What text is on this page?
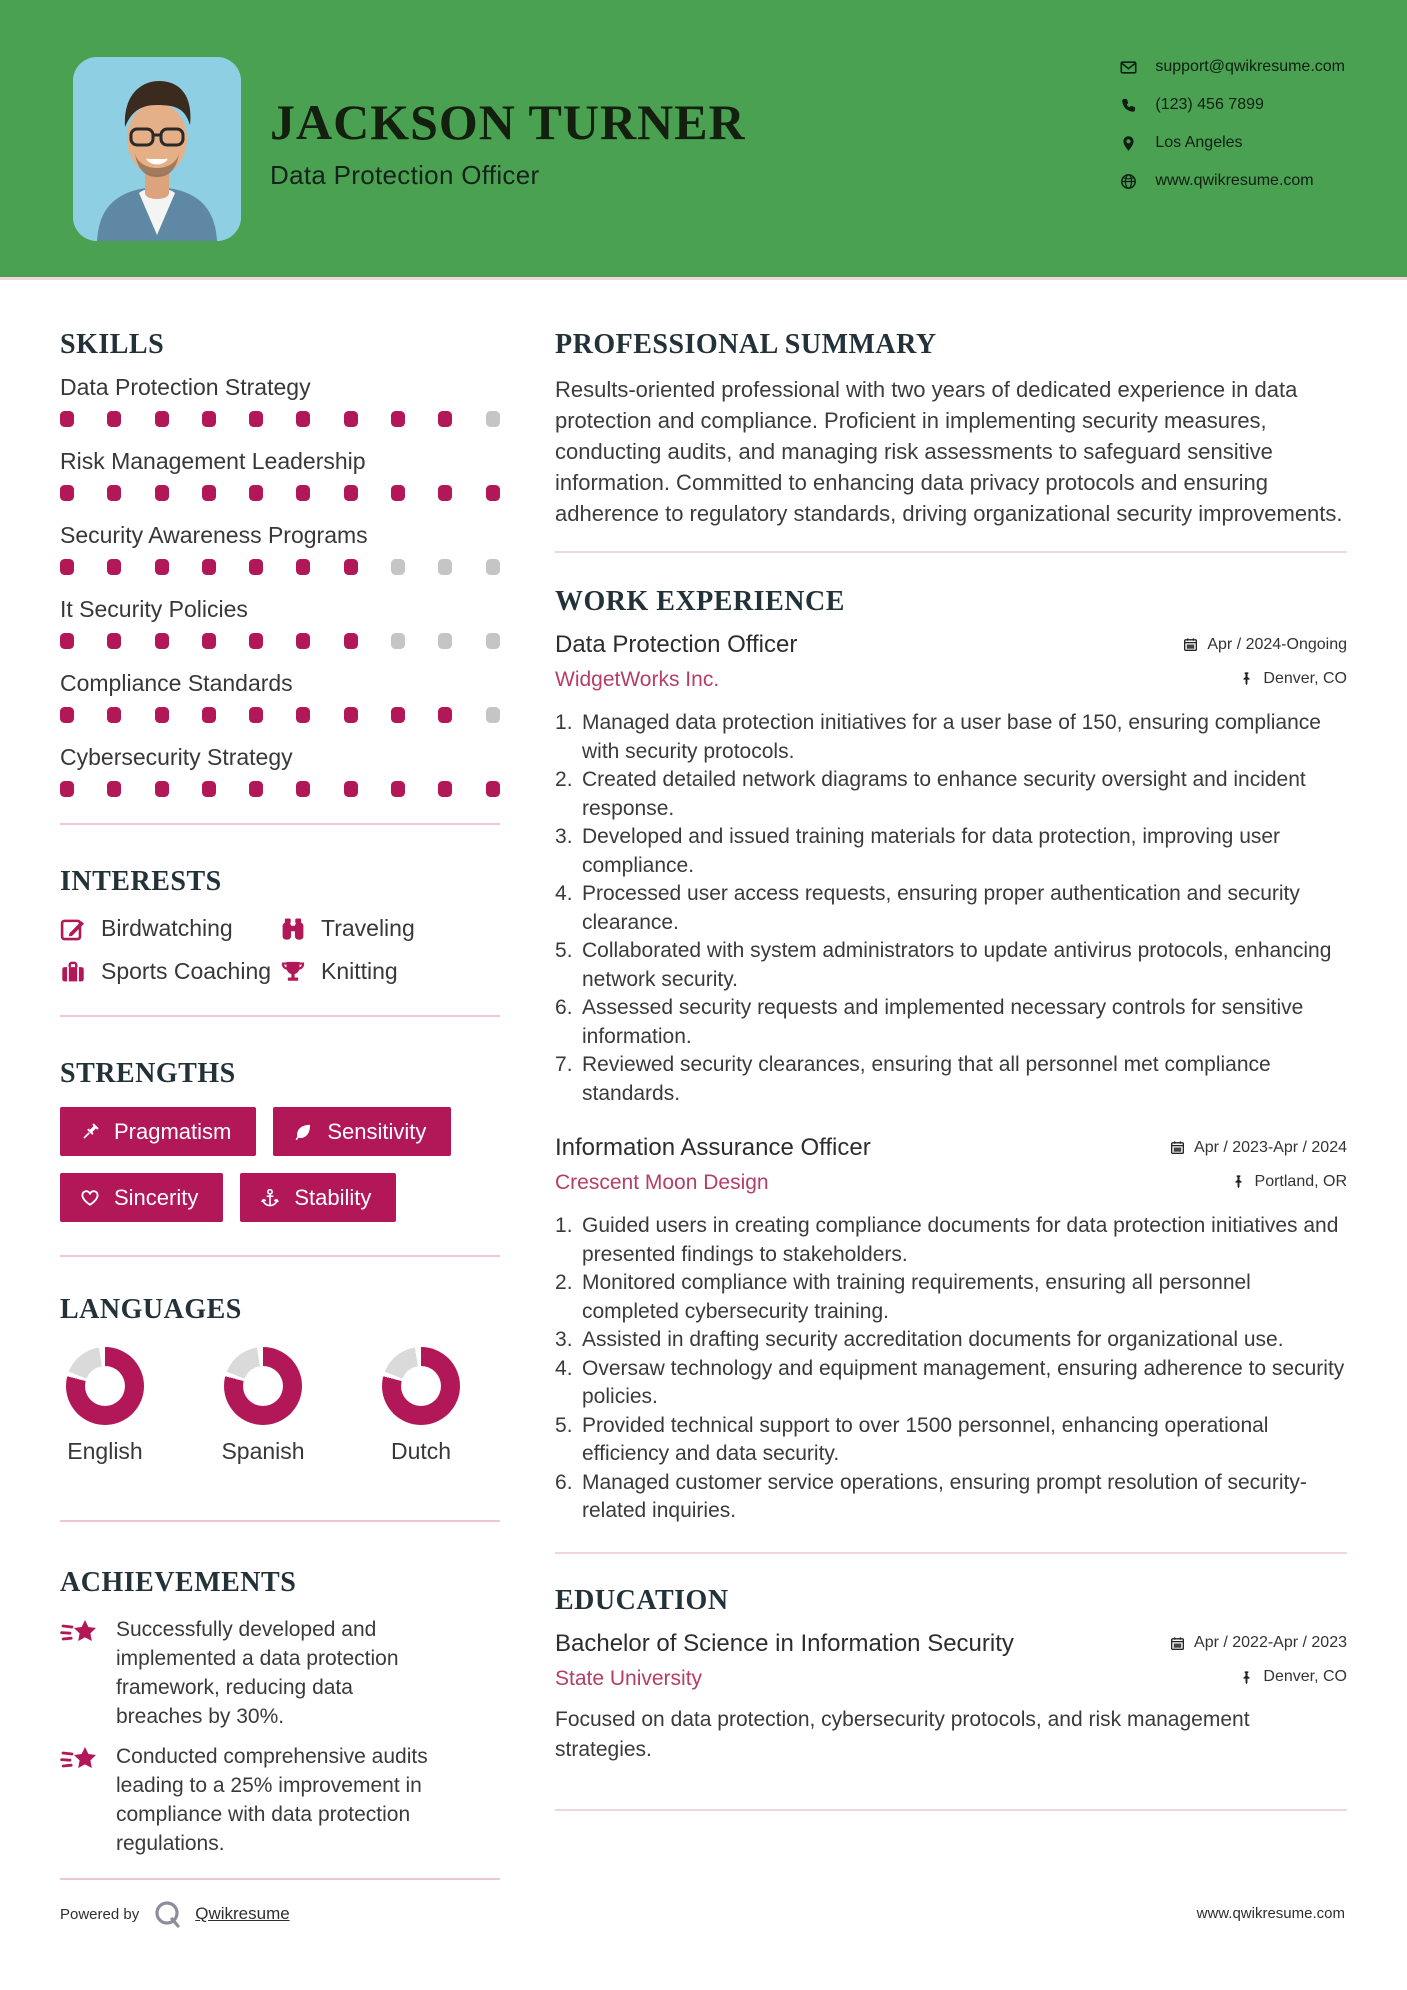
JACKSON TURNER
Data Protection Officer
support@qwikresume.com
(123) 456 7899
Los Angeles
www.qwikresume.com
SKILLS
Data Protection Strategy
Risk Management Leadership
Security Awareness Programs
It Security Policies
Compliance Standards
Cybersecurity Strategy
INTERESTS
Birdwatching	Traveling
Sports Coaching Knitting
STRENGTHS
Pragmatism	Sensitivity
Sincerity	Stability
LANGUAGES
English	Spanish	Dutch
ACHIEVEMENTS
Successfully developed and implemented a data protection framework, reducing data breaches by 30%.
Conducted comprehensive audits leading to a 25% improvement in compliance with data protection regulations.
PROFESSIONAL SUMMARY

Results-oriented professional with two years of dedicated experience in data protection and compliance. Proficient in implementing security measures, conducting audits, and managing risk assessments to safeguard sensitive information. Committed to enhancing data privacy protocols and ensuring adherence to regulatory standards, driving organizational security improvements.

WORK EXPERIENCE
Data Protection Officer	Apr / 2024-Ongoing
WidgetWorks Inc.	Denver, CO
Managed data protection initiatives for a user base of 150, ensuring compliance with security protocols.
Created detailed network diagrams to enhance security oversight and incident response.
Developed and issued training materials for data protection, improving user compliance.
Processed user access requests, ensuring proper authentication and security clearance.
Collaborated with system administrators to update antivirus protocols, enhancing network security.
Assessed security requests and implemented necessary controls for sensitive information.
Reviewed security clearances, ensuring that all personnel met compliance standards.
Information Assurance Officer	Apr / 2023-Apr / 2024
Crescent Moon Design	Portland, OR
Guided users in creating compliance documents for data protection initiatives and presented findings to stakeholders.
Monitored compliance with training requirements, ensuring all personnel completed cybersecurity training.
Assisted in drafting security accreditation documents for organizational use.
Oversaw technology and equipment management, ensuring adherence to security policies.
Provided technical support to over 1500 personnel, enhancing operational efficiency and data security.
Managed customer service operations, ensuring prompt resolution of security-related inquiries.
EDUCATION
Bachelor of Science in Information Security	Apr / 2022-Apr / 2023
State University	Denver, CO

Focused on data protection, cybersecurity protocols, and risk management strategies.

Powered by	Qwikresume	www.qwikresume.com
